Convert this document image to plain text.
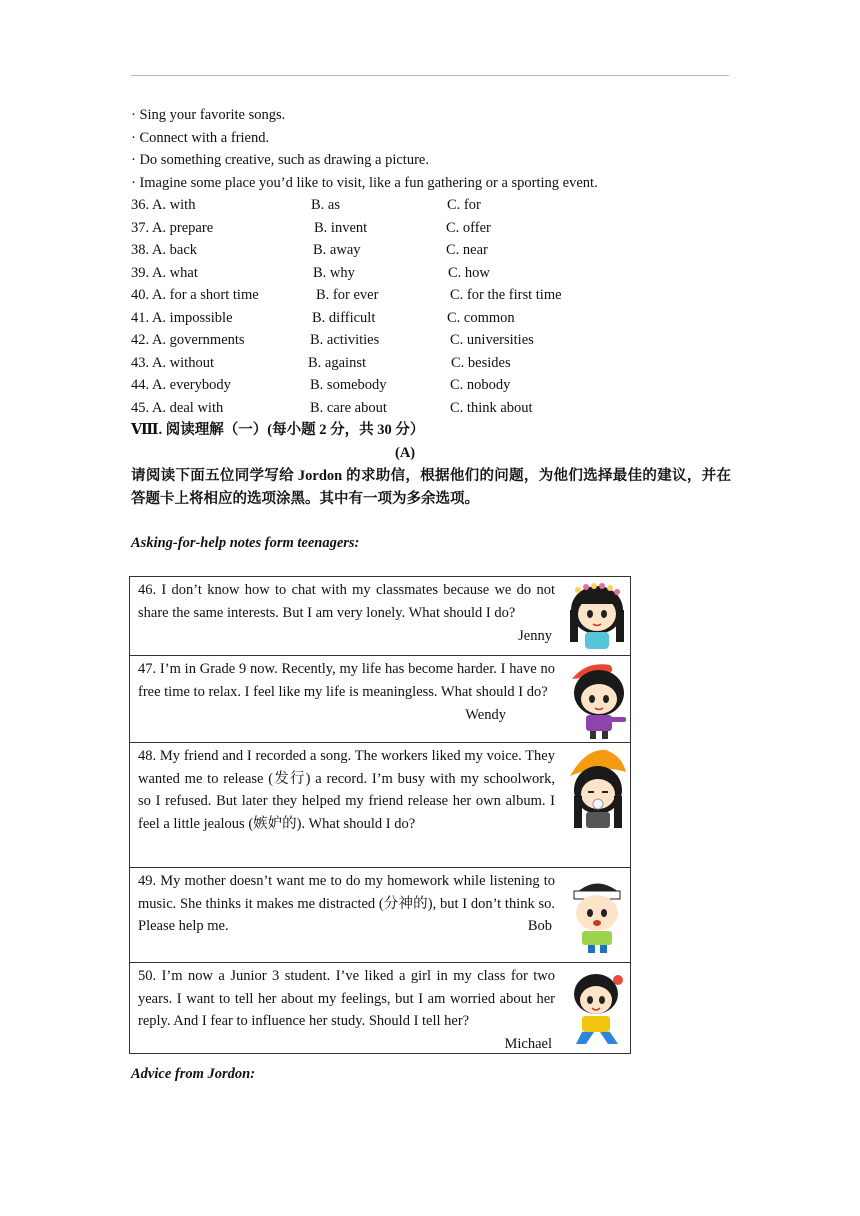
· Sing your favorite songs.
· Connect with a friend.
· Do something creative, such as drawing a picture.
· Imagine some place you’d like to visit, like a fun gathering or a sporting event.
36. A. with	B. as	C. for
37. A. prepare	B. invent	C. offer
38. A. back	B. away	C. near
39. A. what	B. why	C. how
40. A. for a short time	B. for ever	C. for the first time
41. A. impossible	B. difficult	C. common
42. A. governments	B. activities	C. universities
43. A. without	B. against	C. besides
44. A. everybody	B. somebody	C. nobody
45. A. deal with	B. care about	C. think about
Ⅷ. 阅读理解（一）(每小题 2 分，共 30 分）
(A)
请阅读下面五位同学写给 Jordon 的求助信，根据他们的问题，为他们选择最佳的建议，并在答题卡上将相应的选项涂黑。其中有一项为多余选项。
Asking-for-help notes form teenagers:
46. I don’t know how to chat with my classmates because we do not share the same interests. But I am very lonely. What should I do?
Jenny

47. I’m in Grade 9 now. Recently, my life has become harder. I have no free time to relax. I feel like my life is meaningless. What should I do?
Wendy

48. My friend and I recorded a song. The workers liked my voice. They wanted me to release (发行) a record. I’m busy with my schoolwork, so I refused. But later they helped my friend release her own album. I feel a little jealous (嫉妒的). What should I do?

49. My mother doesn’t want me to do my homework while listening to music. She thinks it makes me distracted (分神的), but I don’t think so. Please help me.	Bob

50. I’m now a Junior 3 student. I’ve liked a girl in my class for two years. I want to tell her about my feelings, but I am worried about her reply. And I fear to influence her study. Should I tell her?
Michael
Advice from Jordon:
